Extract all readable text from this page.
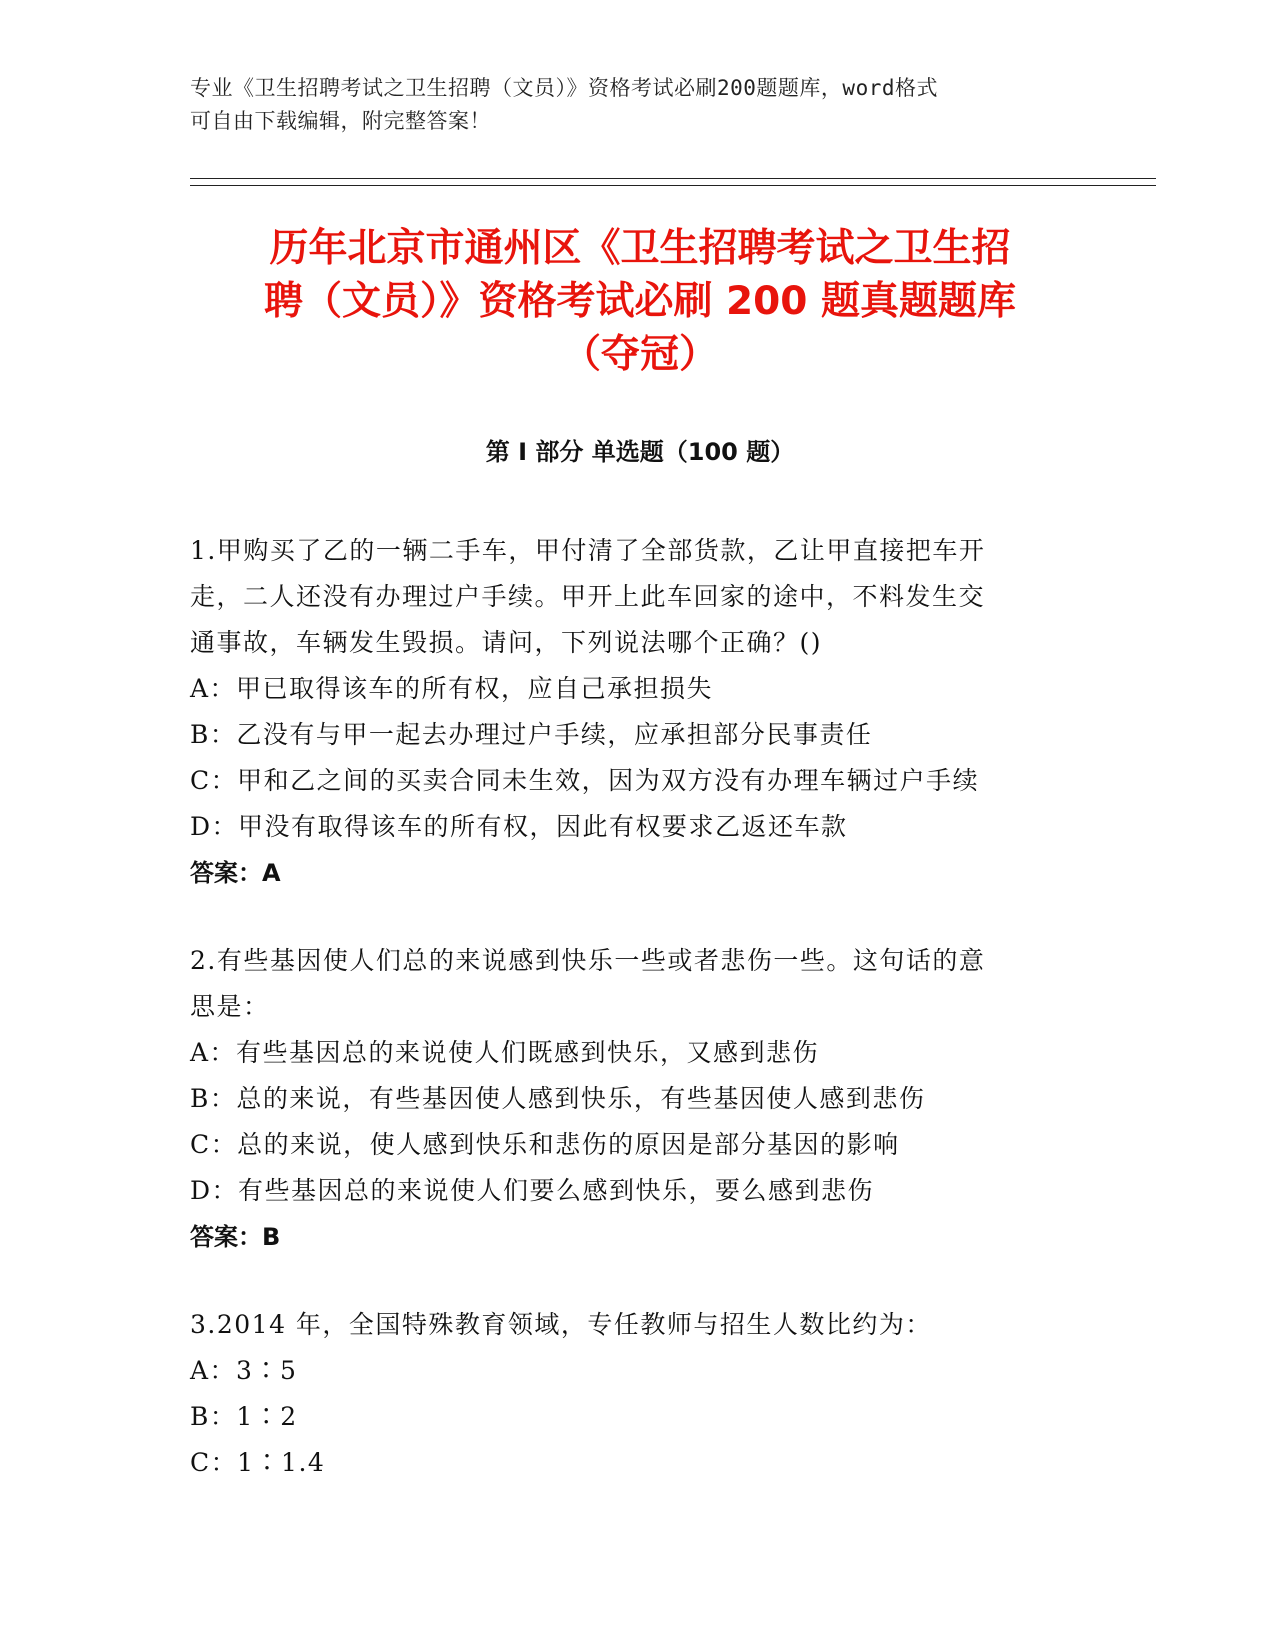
专业《卫生招聘考试之卫生招聘（文员）》资格考试必刷200题题库，word格式
可自由下载编辑，附完整答案！
历年北京市通州区《卫生招聘考试之卫生招
聘（文员）》资格考试必刷 200 题真题题库
（夺冠）
第 I 部分 单选题（100 题）

1.甲购买了乙的一辆二手车，甲付清了全部货款，乙让甲直接把车开

走，二人还没有办理过户手续。甲开上此车回家的途中，不料发生交

通事故，车辆发生毁损。请问，下列说法哪个正确？()

A：甲已取得该车的所有权，应自己承担损失

B：乙没有与甲一起去办理过户手续，应承担部分民事责任

C：甲和乙之间的买卖合同未生效，因为双方没有办理车辆过户手续

D：甲没有取得该车的所有权，因此有权要求乙返还车款

答案：A

2.有些基因使人们总的来说感到快乐一些或者悲伤一些。这句话的意

思是：

A：有些基因总的来说使人们既感到快乐，又感到悲伤

B：总的来说，有些基因使人感到快乐，有些基因使人感到悲伤

C：总的来说，使人感到快乐和悲伤的原因是部分基因的影响

D：有些基因总的来说使人们要么感到快乐，要么感到悲伤

答案：B

3.2014 年，全国特殊教育领域，专任教师与招生人数比约为：

A：3∶5

B：1∶2

C：1∶1.4
